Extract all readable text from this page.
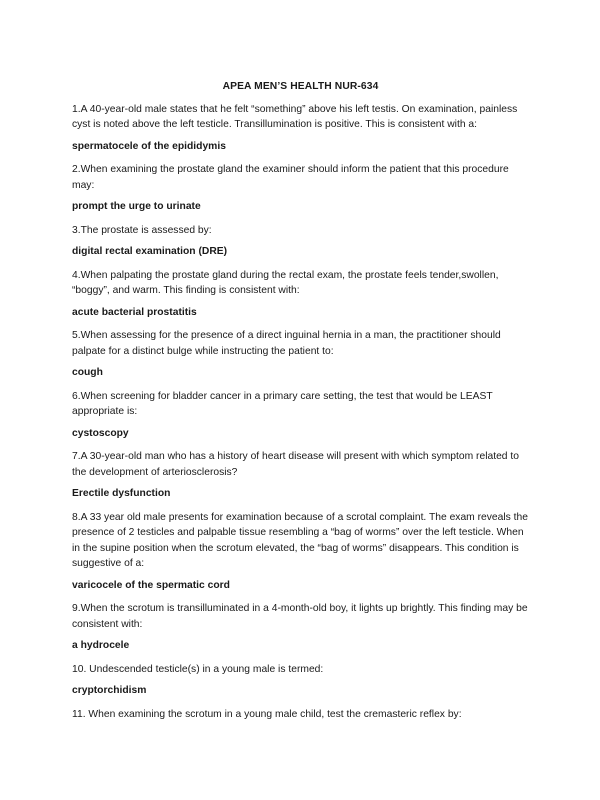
APEA MEN’S HEALTH NUR-634

1.A 40-year-old male states that he felt “something” above his left testis. On examination, painless cyst is noted above the left testicle. Transillumination is positive. This is consistent with a:

spermatocele of the epididymis

2.When examining the prostate gland the examiner should inform the patient that this procedure may:

prompt the urge to urinate

3.The prostate is assessed by:

digital rectal examination (DRE)

4.When palpating the prostate gland during the rectal exam, the prostate feels tender,swollen, “boggy”, and warm. This finding is consistent with:

acute bacterial prostatitis

5.When assessing for the presence of a direct inguinal hernia in a man, the practitioner should palpate for a distinct bulge while instructing the patient to:

cough

6.When screening for bladder cancer in a primary care setting, the test that would be LEAST appropriate is:

cystoscopy

7.A 30-year-old man who has a history of heart disease will present with which symptom related to the development of arteriosclerosis?

Erectile dysfunction

8.A 33 year old male presents for examination because of a scrotal complaint. The exam reveals the presence of 2 testicles and palpable tissue resembling a “bag of worms” over the left testicle. When in the supine position when the scrotum elevated, the “bag of worms” disappears. This condition is suggestive of a:

varicocele of the spermatic cord

9.When the scrotum is transilluminated in a 4-month-old boy, it lights up brightly. This finding may be consistent with:

a hydrocele

10. Undescended testicle(s) in a young male is termed:

cryptorchidism

11. When examining the scrotum in a young male child, test the cremasteric reflex by:
